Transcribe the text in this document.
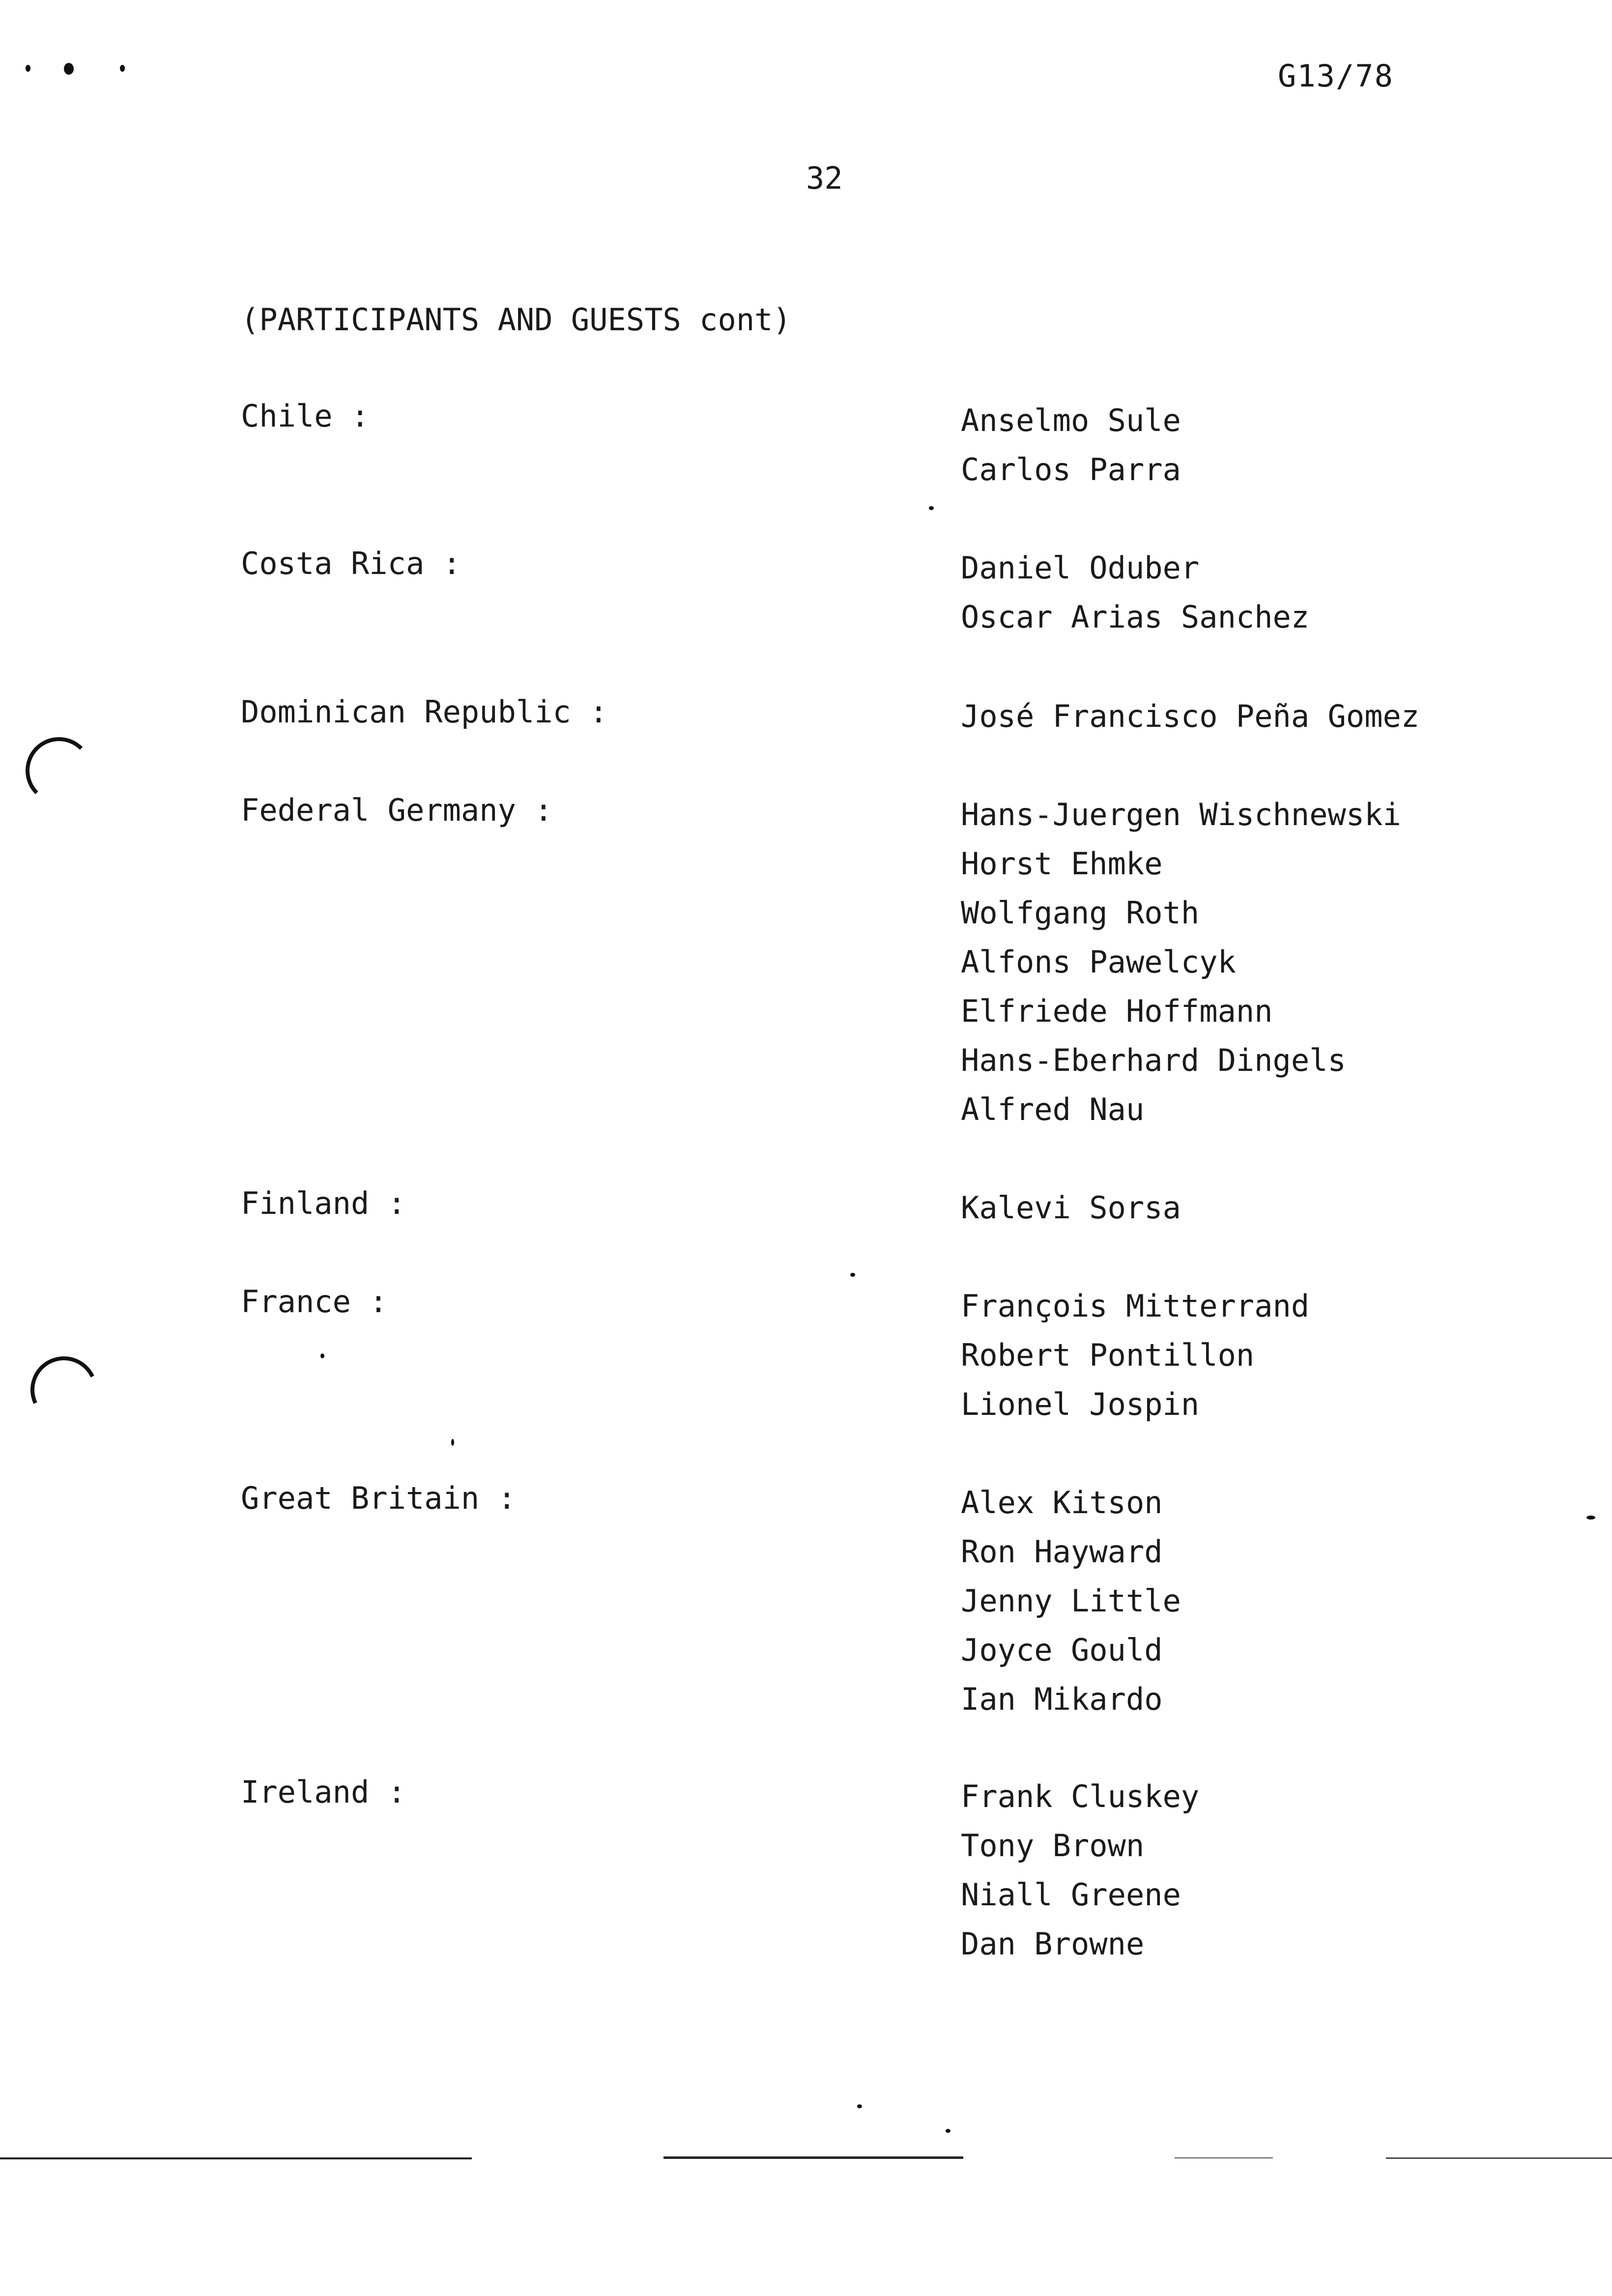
G13/78
32
(PARTICIPANTS AND GUESTS cont)
Chile :	Anselmo Sule
Carlos Parra
Costa Rica :	Daniel Oduber
Oscar Arias Sanchez
Dominican Republic :	José Francisco Peña Gomez
Federal Germany :	Hans-Juergen Wischnewski
Horst Ehmke
Wolfgang Roth
Alfons Pawelcyk
Elfriede Hoffmann
Hans-Eberhard Dingels
Alfred Nau
Finland :	Kalevi Sorsa
France :	François Mitterrand
Robert Pontillon
Lionel Jospin
Great Britain :	Alex Kitson
Ron Hayward
Jenny Little
Joyce Gould
Ian Mikardo
Ireland :	Frank Cluskey
Tony Brown
Niall Greene
Dan Browne
